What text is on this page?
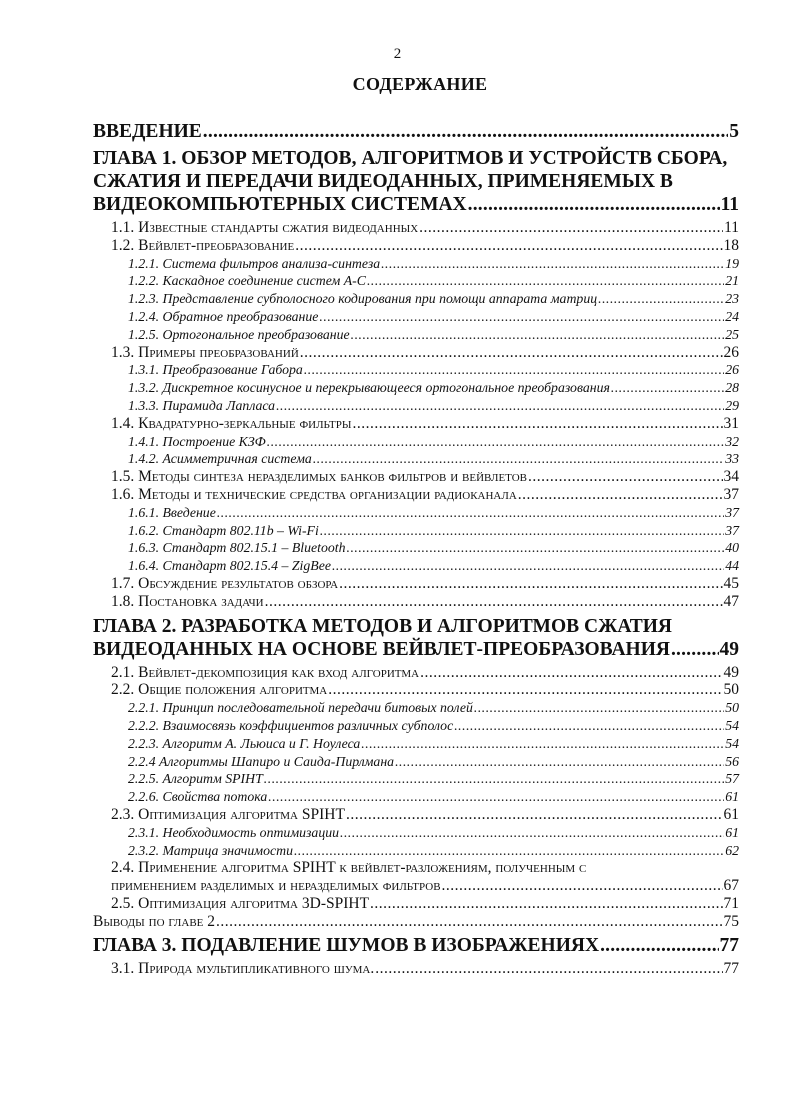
2
СОДЕРЖАНИЕ
ВВЕДЕНИЕ .....	5
ГЛАВА 1. ОБЗОР МЕТОДОВ, АЛГОРИТМОВ И УСТРОЙСТВ СБОРА,
СЖАТИЯ И ПЕРЕДАЧИ ВИДЕОДАННЫХ, ПРИМЕНЯЕМЫХ В
ВИДЕОКОМПЬЮТЕРНЫХ СИСТЕМАХ .....	11
1.1. Известные стандарты сжатия видеоданных .....	11
1.2. Вейвлет-преобразование .....	18
1.2.1. Система фильтров анализа-синтеза .....	19
1.2.2. Каскадное соединение систем А-С .....	21
1.2.3. Представление субполосного кодирования при помощи аппарата матриц .....	23
1.2.4. Обратное преобразование .....	24
1.2.5. Ортогональное преобразование .....	25
1.3. Примеры преобразований .....	26
1.3.1. Преобразование Габора .....	26
1.3.2. Дискретное косинусное и перекрывающееся ортогональное преобразования .....	28
1.3.3. Пирамида Лапласа .....	29
1.4. Квадратурно-зеркальные фильтры .....	31
1.4.1. Построение КЗФ .....	32
1.4.2. Асимметричная система .....	33
1.5. Методы синтеза неразделимых банков фильтров и вейвлетов .....	34
1.6. Методы и технические средства организации радиоканала .....	37
1.6.1. Введение .....	37
1.6.2. Стандарт 802.11b – Wi-Fi .....	37
1.6.3. Стандарт 802.15.1 – Bluetooth .....	40
1.6.4. Стандарт 802.15.4 – ZigBee .....	44
1.7. Обсуждение результатов обзора .....	45
1.8. Постановка задачи .....	47
ГЛАВА 2. РАЗРАБОТКА МЕТОДОВ И АЛГОРИТМОВ СЖАТИЯ
ВИДЕОДАННЫХ НА ОСНОВЕ ВЕЙВЛЕТ-ПРЕОБРАЗОВАНИЯ .....	49
2.1. Вейвлет-декомпозиция как вход алгоритма .....	49
2.2. Общие положения алгоритма .....	50
2.2.1. Принцип последовательной передачи битовых полей .....	50
2.2.2. Взаимосвязь коэффициентов различных субполос .....	54
2.2.3. Алгоритм А. Льюиса и Г. Ноулеса .....	54
2.2.4 Алгоритмы Шапиро и Саида-Пирлмана .....	56
2.2.5. Алгоритм SPIHT .....	57
2.2.6. Свойства потока .....	61
2.3. Оптимизация алгоритма SPIHT .....	61
2.3.1. Необходимость оптимизации .....	61
2.3.2. Матрица значимости .....	62
2.4. Применение алгоритма SPIHT к вейвлет-разложениям, полученным с
применением разделимых и неразделимых фильтров .....	67
2.5. Оптимизация алгоритма 3D-SPIHT .....	71
Выводы по главе 2 .....	75
ГЛАВА 3. ПОДАВЛЕНИЕ ШУМОВ В ИЗОБРАЖЕНИЯХ .....	77
3.1. Природа мультипликативного шума. .....	77
